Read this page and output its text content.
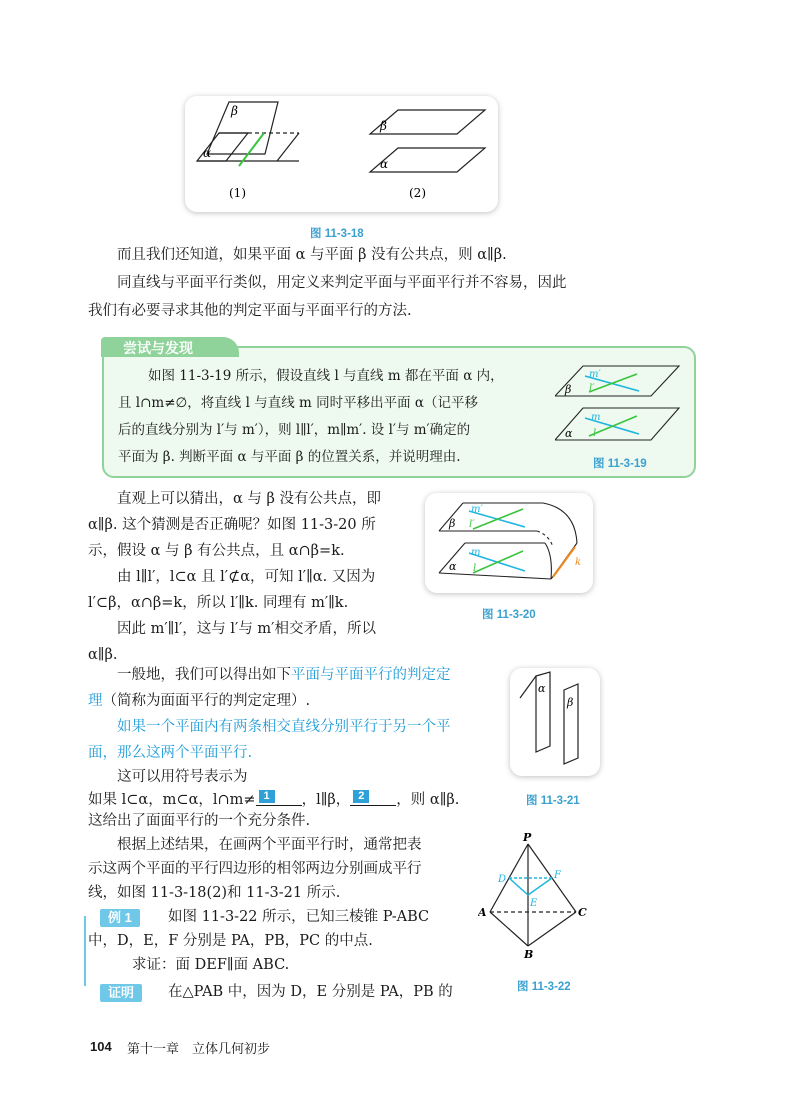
β
α
β
α
(1)	(2)
图 11-3-18
而且我们还知道，如果平面 α 与平面 β 没有公共点，则 α∥β.
同直线与平面平行类似，用定义来判定平面与平面平行并不容易，因此
我们有必要寻求其他的判定平面与平面平行的方法.
尝试与发现
如图 11-3-19 所示，假设直线 l 与直线 m 都在平面 α 内，
且 l∩m≠∅，将直线 l 与直线 m 同时平移出平面 α（记平移
后的直线分别为 l′与 m′），则 l∥l′，m∥m′. 设 l′与 m′确定的
平面为 β. 判断平面 α 与平面 β 的位置关系，并说明理由.
m′
l′
β
m
l
α
图 11-3-19
直观上可以猜出，α 与 β 没有公共点，即
α∥β. 这个猜测是否正确呢？如图 11-3-20 所
示，假设 α 与 β 有公共点，且 α∩β=k.
由 l∥l′，l⊂α 且 l′⊄α，可知 l′∥α. 又因为
l′⊂β，α∩β=k，所以 l′∥k. 同理有 m′∥k.
因此 m′∥l′，这与 l′与 m′相交矛盾，所以
α∥β.
m′
l′
β
m
l
α	k
图 11-3-20
一般地，我们可以得出如下平面与平面平行的判定定
理（简称为面面平行的判定定理）.
如果一个平面内有两条相交直线分别平行于另一个平
面，那么这两个平面平行.
这可以用符号表示为
如果 l⊂α，m⊂α，l∩m≠ 1	，l∥β， 2	，则 α∥β.
这给出了面面平行的一个充分条件.
α
β
图 11-3-21
根据上述结果，在画两个平面平行时，通常把表
示这两个平面的平行四边形的相邻两边分别画成平行
线，如图 11-3-18(2)和 11-3-21 所示.
例 1	如图 11-3-22 所示，已知三棱锥 P-ABC
中，D，E，F 分别是 PA，PB，PC 的中点.
求证：面 DEF∥面 ABC.
证明	在△PAB 中，因为 D，E 分别是 PA，PB 的
P
A
B
C
D
E
F
图 11-3-22
104 第十一章　立体几何初步
